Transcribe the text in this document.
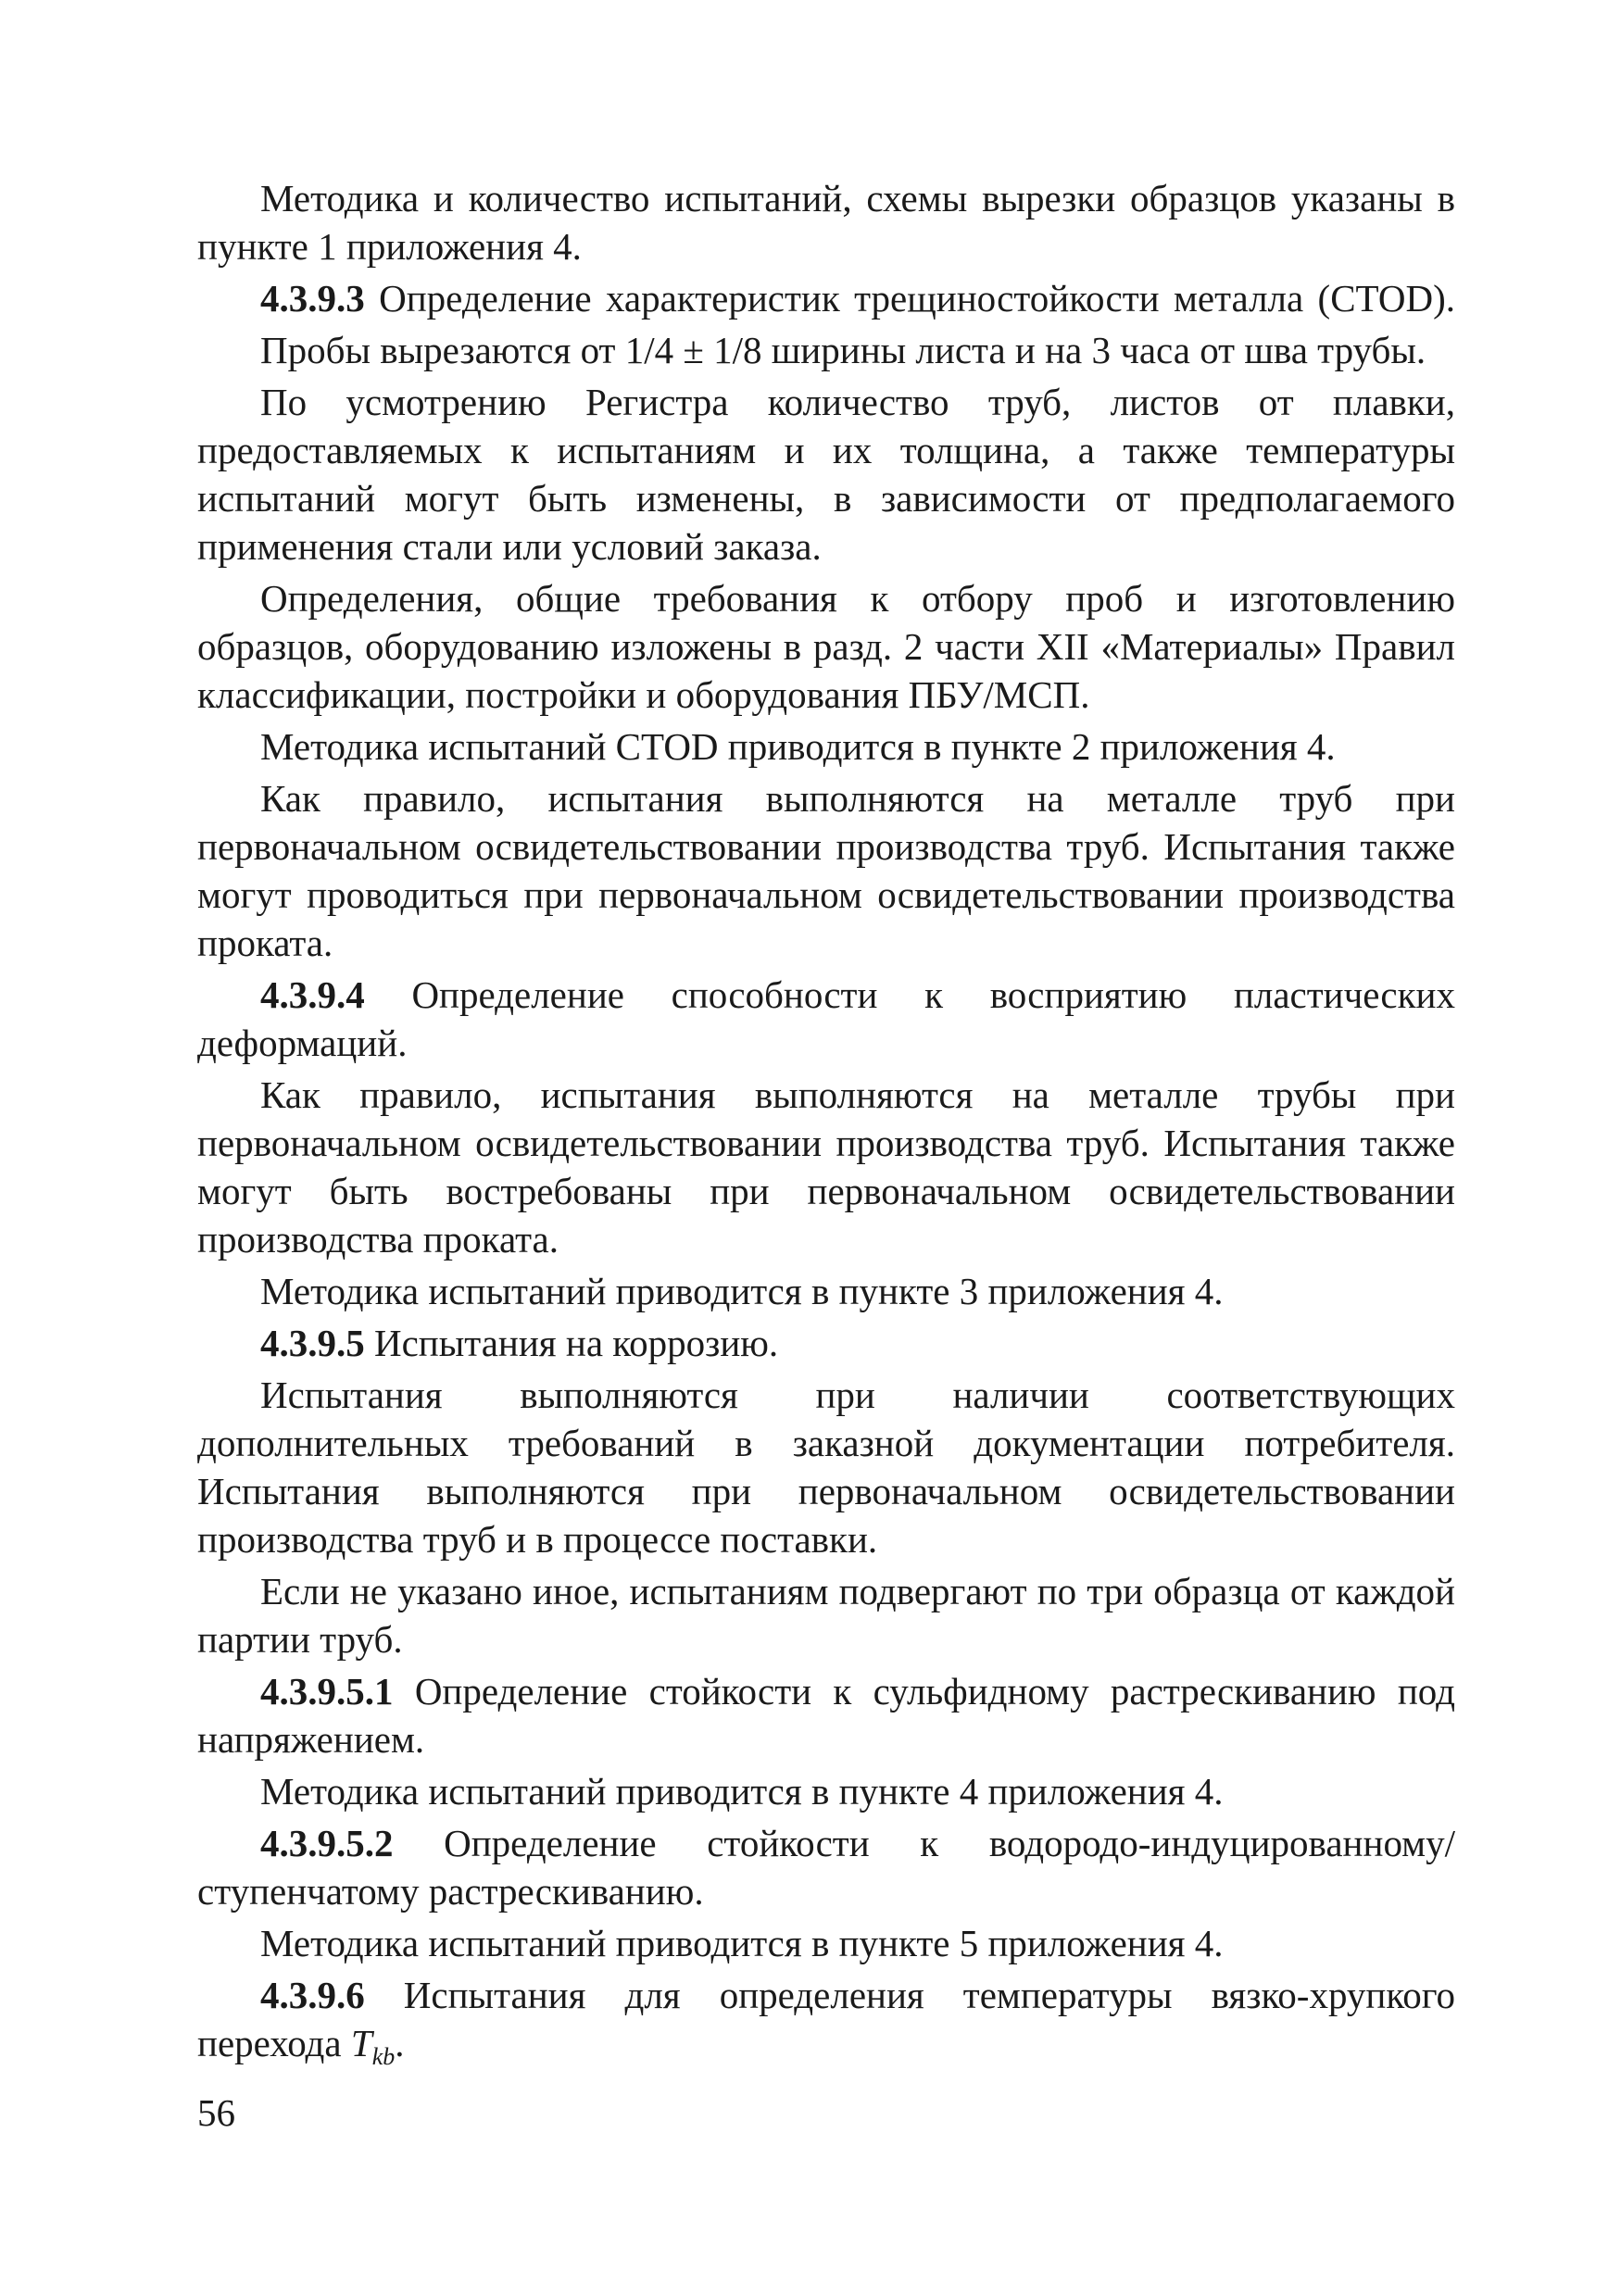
Методика и количество испытаний, схемы вырезки образцов указаны в пункте 1 приложения 4.

4.3.9.3 Определение характеристик трещиностойкости металла (CTOD).

Пробы вырезаются от 1/4 ± 1/8 ширины листа и на 3 часа от шва трубы.

По усмотрению Регистра количество труб, листов от плавки, предоставляемых к испытаниям и их толщина, а также температуры испытаний могут быть изменены, в зависимости от предполагаемого применения стали или условий заказа.

Определения, общие требования к отбору проб и изготовлению образцов, оборудованию изложены в разд. 2 части XII «Материалы» Правил классификации, постройки и оборудования ПБУ/МСП.

Методика испытаний CTOD приводится в пункте 2 приложения 4.

Как правило, испытания выполняются на металле труб при первоначальном освидетельствовании производства труб. Испытания также могут проводиться при первоначальном освидетельствовании производства проката.

4.3.9.4 Определение способности к восприятию пластических деформаций.

Как правило, испытания выполняются на металле трубы при первоначальном освидетельствовании производства труб. Испытания также могут быть востребованы при первоначальном освидетельствовании производства проката.

Методика испытаний приводится в пункте 3 приложения 4.

4.3.9.5 Испытания на коррозию.

Испытания выполняются при наличии соответствующих дополнительных требований в заказной документации потребителя. Испытания выполняются при первоначальном освидетельствовании производства труб и в процессе поставки.

Если не указано иное, испытаниям подвергают по три образца от каждой партии труб.

4.3.9.5.1 Определение стойкости к сульфидному растрескиванию под напряжением.

Методика испытаний приводится в пункте 4 приложения 4.

4.3.9.5.2 Определение стойкости к водородо-индуцированному/ступенчатому растрескиванию.

Методика испытаний приводится в пункте 5 приложения 4.

4.3.9.6 Испытания для определения температуры вязко-хрупкого перехода $T_{kb}$.

56
